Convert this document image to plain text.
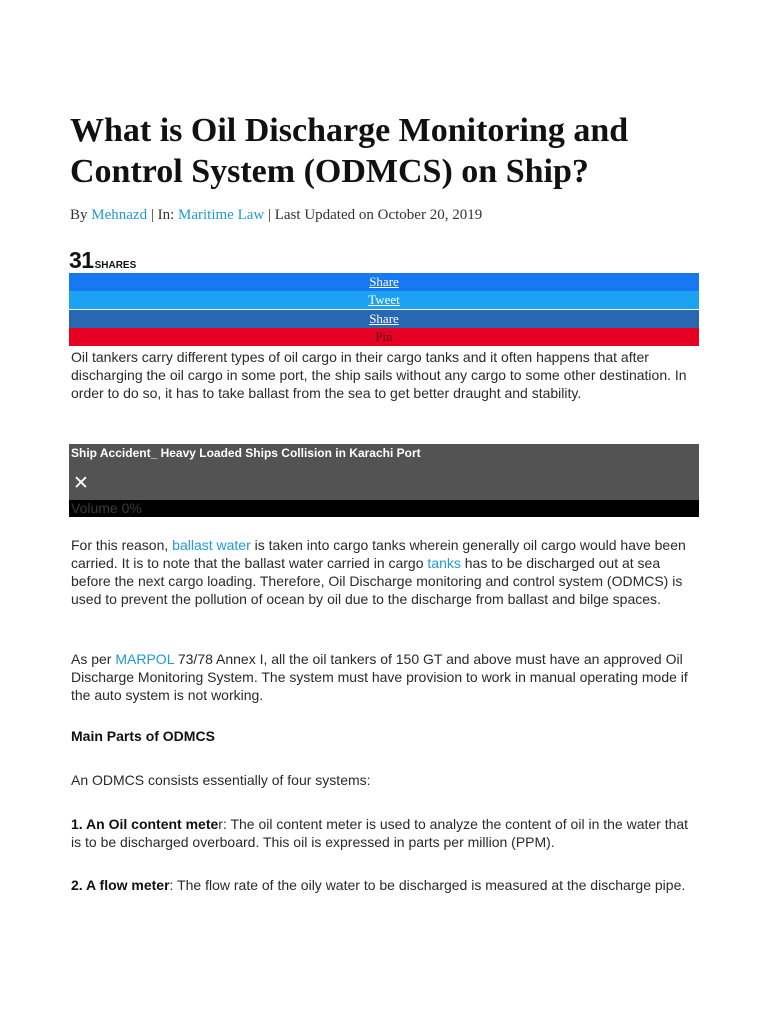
What is Oil Discharge Monitoring and Control System (ODMCS) on Ship?
By Mehnazd | In: Maritime Law | Last Updated on October 20, 2019
31SHARES
Share
Tweet
Share
Pin

Oil tankers carry different types of oil cargo in their cargo tanks and it often happens that after discharging the oil cargo in some port, the ship sails without any cargo to some other destination. In order to do so, it has to take ballast from the sea to get better draught and stability.

Ship Accident_ Heavy Loaded Ships Collision in Karachi Port
✕
Volume 0%

For this reason, ballast water is taken into cargo tanks wherein generally oil cargo would have been carried. It is to note that the ballast water carried in cargo tanks has to be discharged out at sea before the next cargo loading. Therefore, Oil Discharge monitoring and control system (ODMCS) is used to prevent the pollution of ocean by oil due to the discharge from ballast and bilge spaces.

As per MARPOL 73/78 Annex I, all the oil tankers of 150 GT and above must have an approved Oil Discharge Monitoring System. The system must have provision to work in manual operating mode if the auto system is not working.

Main Parts of ODMCS

An ODMCS consists essentially of four systems:

1. An Oil content meter: The oil content meter is used to analyze the content of oil in the water that is to be discharged overboard. This oil is expressed in parts per million (PPM).

2. A flow meter: The flow rate of the oily water to be discharged is measured at the discharge pipe.
